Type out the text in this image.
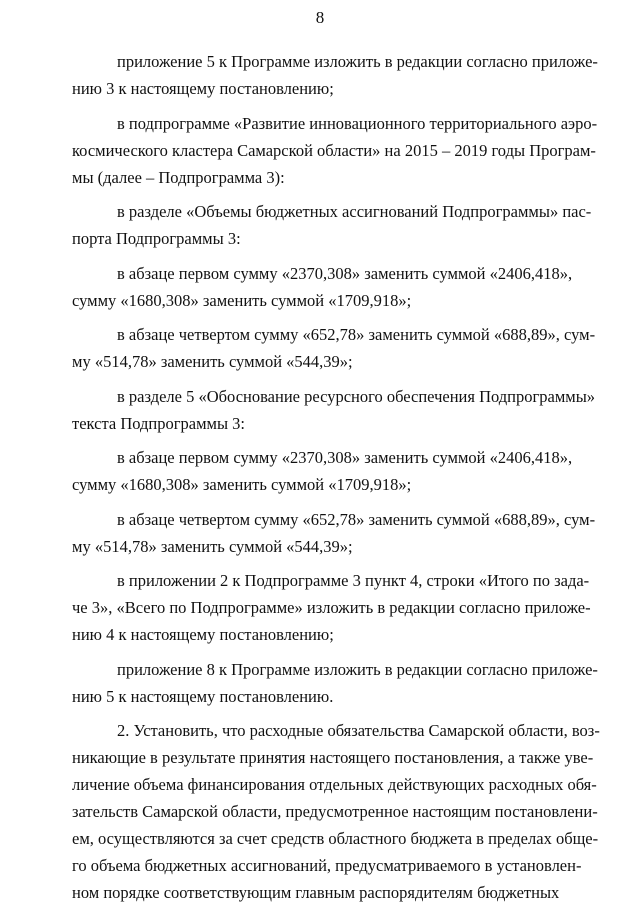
8
приложение 5 к Программе изложить в редакции согласно приложе-
нию 3 к настоящему постановлению;
в подпрограмме «Развитие инновационного территориального аэро-
космического кластера Самарской области» на 2015 – 2019 годы Програм-
мы (далее – Подпрограмма 3):
в разделе «Объемы бюджетных ассигнований Подпрограммы» пас-
порта Подпрограммы 3:
в абзаце первом сумму «2370,308» заменить суммой «2406,418»,
сумму «1680,308» заменить суммой «1709,918»;
в абзаце четвертом сумму «652,78» заменить суммой «688,89», сум-
му «514,78» заменить суммой «544,39»;
в разделе 5 «Обоснование ресурсного обеспечения Подпрограммы»
текста Подпрограммы 3:
в абзаце первом сумму «2370,308» заменить суммой «2406,418»,
сумму «1680,308» заменить суммой «1709,918»;
в абзаце четвертом сумму «652,78» заменить суммой «688,89», сум-
му «514,78» заменить суммой «544,39»;
в приложении 2 к Подпрограмме 3 пункт 4, строки «Итого по зада-
че 3», «Всего по Подпрограмме» изложить в редакции согласно приложе-
нию 4 к настоящему постановлению;
приложение 8 к Программе изложить в редакции согласно приложе-
нию 5 к настоящему постановлению.
2. Установить, что расходные обязательства Самарской области, воз-
никающие в результате принятия настоящего постановления, а также уве-
личение объема финансирования отдельных действующих расходных обя-
зательств Самарской области, предусмотренное настоящим постановлени-
ем, осуществляются за счет средств областного бюджета в пределах обще-
го объема бюджетных ассигнований, предусматриваемого в установлен-
ном порядке соответствующим главным распорядителям бюджетных
